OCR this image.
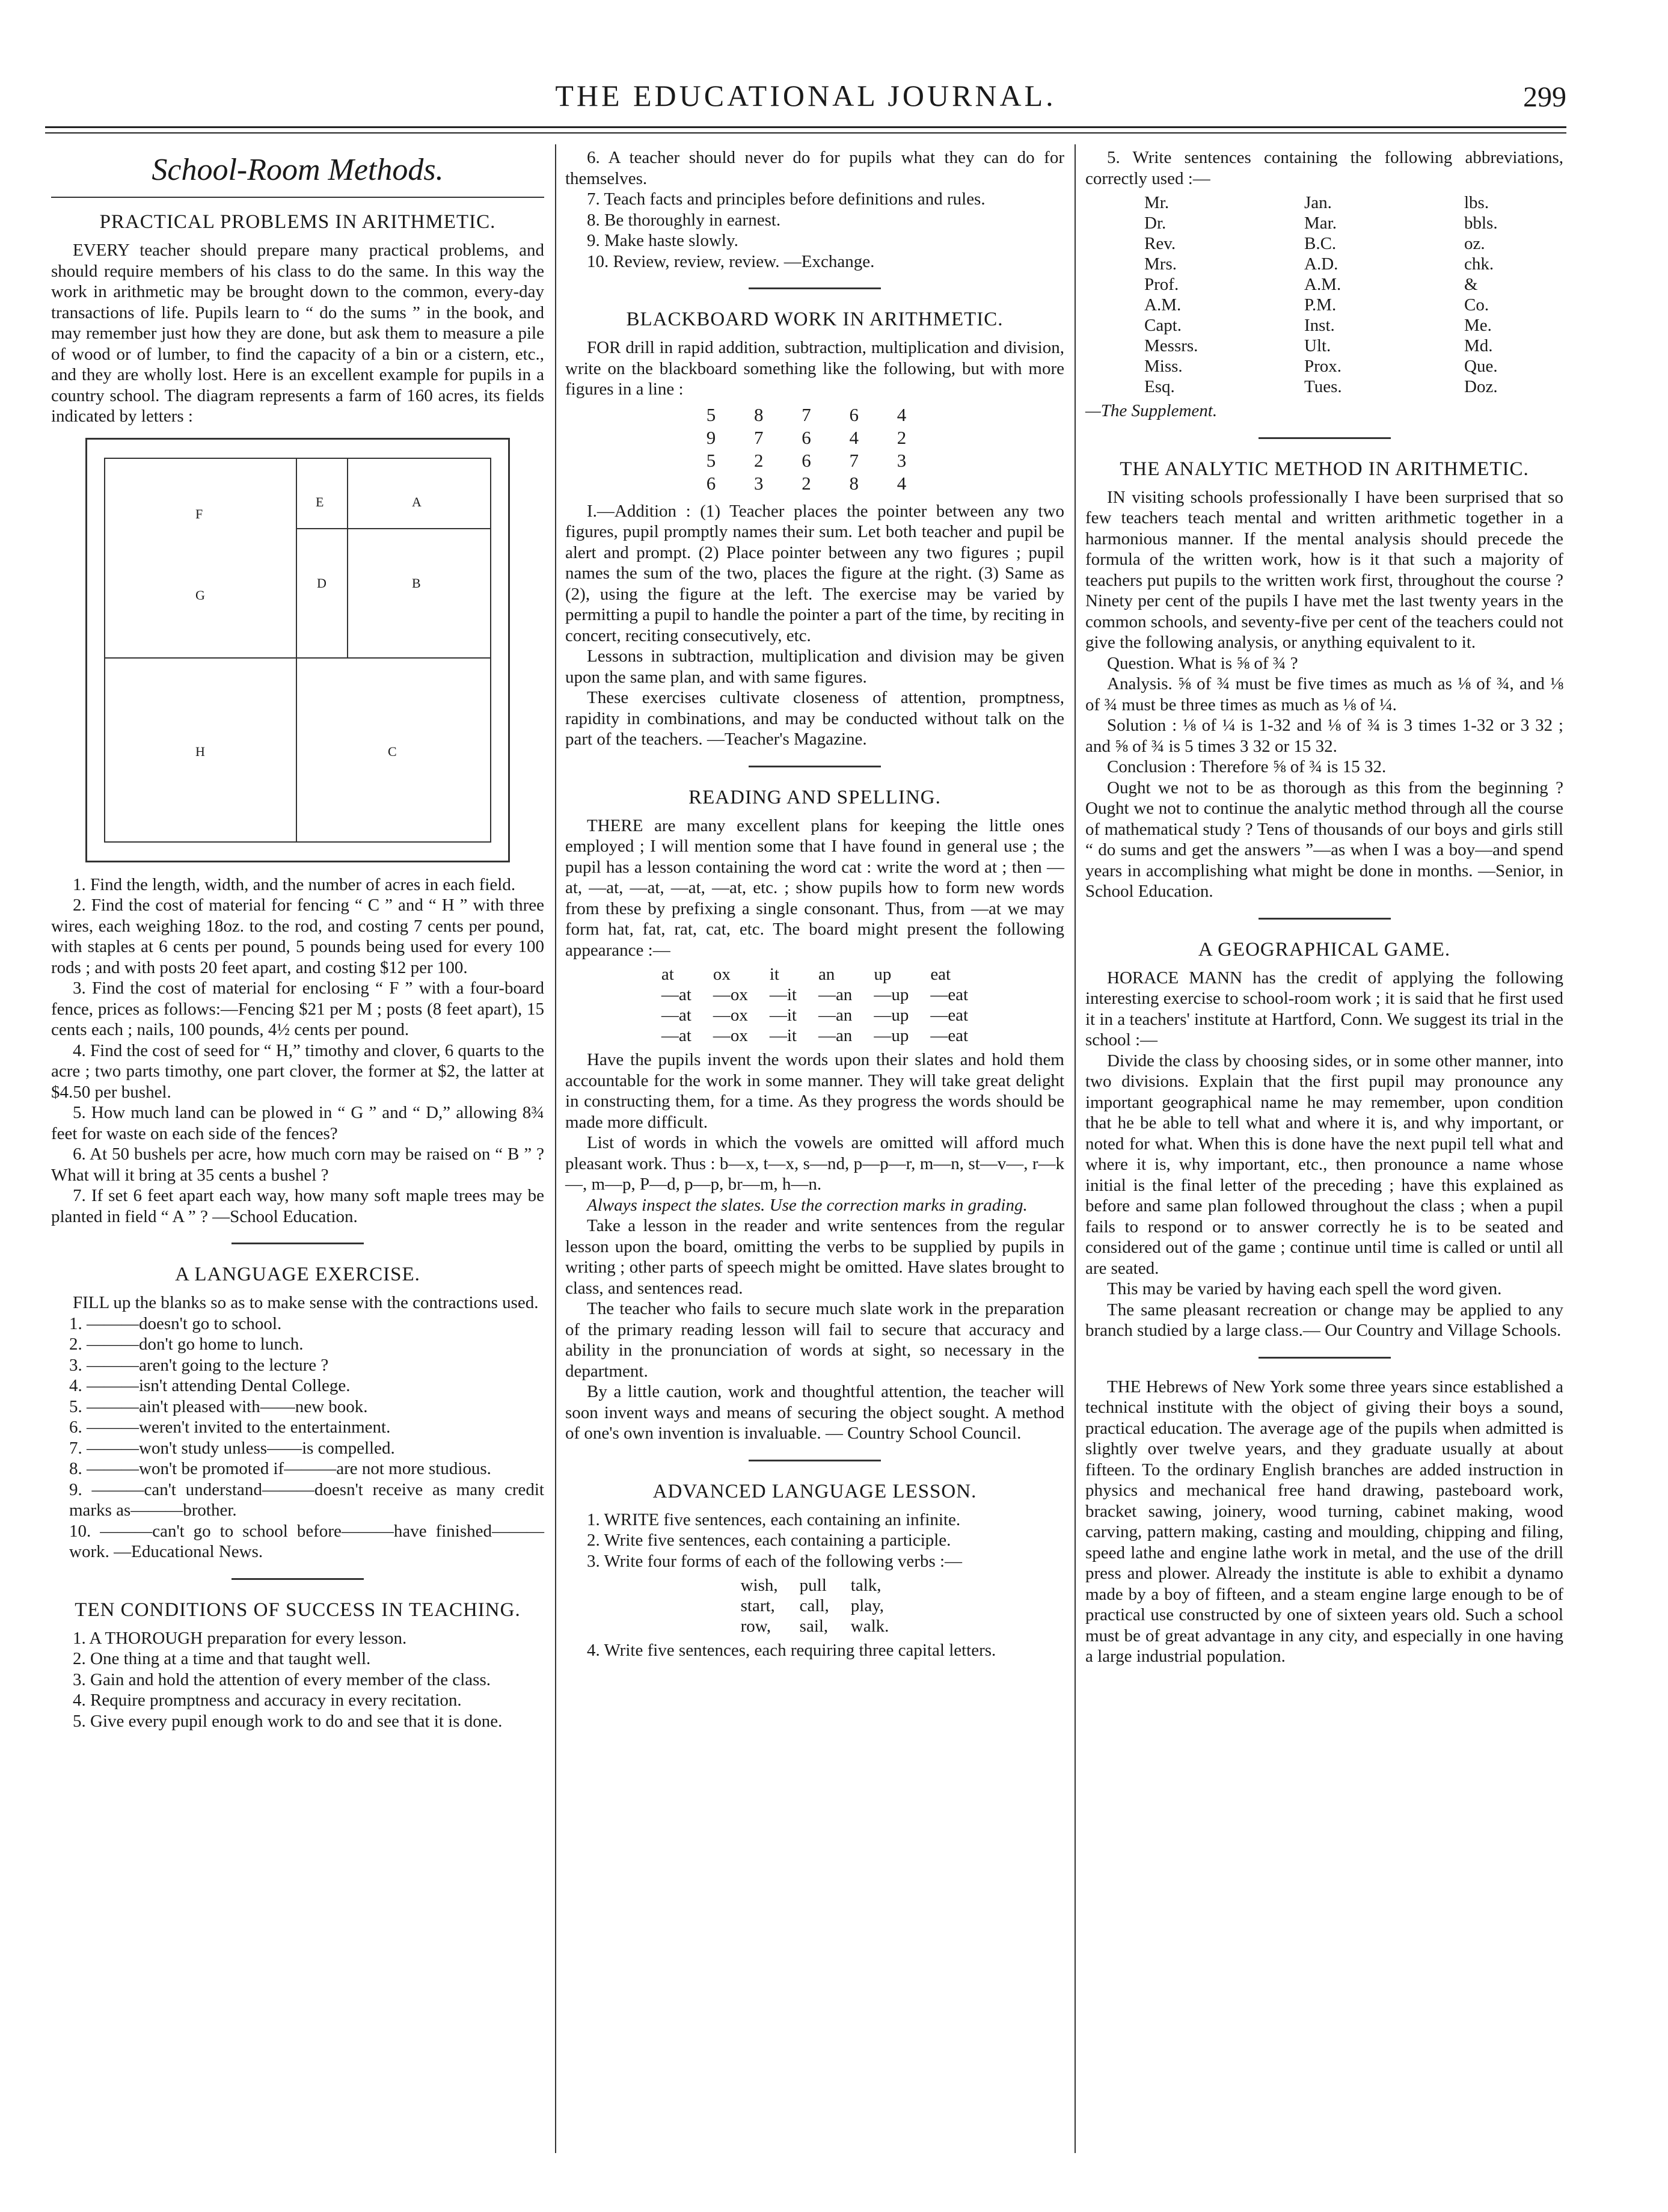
THE EDUCATIONAL JOURNAL.	299
School-Room Methods.
PRACTICAL PROBLEMS IN ARITHMETIC.

EVERY teacher should prepare many practical problems, and should require members of his class to do the same. In this way the work in arithmetic may be brought down to the common, every-day transactions of life. Pupils learn to “ do the sums ” in the book, and may remember just how they are done, but ask them to measure a pile of wood or of lumber, to find the capacity of a bin or a cistern, etc., and they are wholly lost. Here is an excellent example for pupils in a country school. The diagram represents a farm of 160 acres, its fields indicated by letters :

F
E	A
G
D	B
H	C

1. Find the length, width, and the number of acres in each field.

2. Find the cost of material for fencing “ C ” and “ H ” with three wires, each weighing 18oz. to the rod, and costing 7 cents per pound, with staples at 6 cents per pound, 5 pounds being used for every 100 rods ; and with posts 20 feet apart, and costing $12 per 100.

3. Find the cost of material for enclosing “ F ” with a four-board fence, prices as follows:—Fencing $21 per M ; posts (8 feet apart), 15 cents each ; nails, 100 pounds, 4½ cents per pound.

4. Find the cost of seed for “ H,” timothy and clover, 6 quarts to the acre ; two parts timothy, one part clover, the former at $2, the latter at $4.50 per bushel.

5. How much land can be plowed in “ G ” and “ D,” allowing 8¾ feet for waste on each side of the fences?

6. At 50 bushels per acre, how much corn may be raised on “ B ” ? What will it bring at 35 cents a bushel ?

7. If set 6 feet apart each way, how many soft maple trees may be planted in field “ A ” ? —School Education.

A LANGUAGE EXERCISE.

FILL up the blanks so as to make sense with the contractions used.

1. ———doesn't go to school.

2. ———don't go home to lunch.

3. ———aren't going to the lecture ?

4. ———isn't attending Dental College.

5. ———ain't pleased with——new book.

6. ———weren't invited to the entertainment.

7. ———won't study unless——is compelled.

8. ———won't be promoted if———are not more studious.

9. ———can't understand———doesn't receive as many credit marks as———brother.

10. ———can't go to school before———have finished———work. —Educational News.

TEN CONDITIONS OF SUCCESS IN TEACHING.

1. A THOROUGH preparation for every lesson.

2. One thing at a time and that taught well.

3. Gain and hold the attention of every member of the class.

4. Require promptness and accuracy in every recitation.

5. Give every pupil enough work to do and see that it is done.

6. A teacher should never do for pupils what they can do for themselves.

7. Teach facts and principles before definitions and rules.

8. Be thoroughly in earnest.

9. Make haste slowly.

10. Review, review, review. —Exchange.

BLACKBOARD WORK IN ARITHMETIC.

FOR drill in rapid addition, subtraction, multiplication and division, write on the blackboard something like the following, but with more figures in a line :

5 8 7 6 4
9 7 6 4 2
5 2 6 7 3
6 3 2 8 4

I.—Addition : (1) Teacher places the pointer between any two figures, pupil promptly names their sum. Let both teacher and pupil be alert and prompt. (2) Place pointer between any two figures ; pupil names the sum of the two, places the figure at the right. (3) Same as (2), using the figure at the left. The exercise may be varied by permitting a pupil to handle the pointer a part of the time, by reciting in concert, reciting consecutively, etc.

Lessons in subtraction, multiplication and division may be given upon the same plan, and with same figures.

These exercises cultivate closeness of attention, promptness, rapidity in combinations, and may be conducted without talk on the part of the teachers. —Teacher's Magazine.

READING AND SPELLING.

THERE are many excellent plans for keeping the little ones employed ; I will mention some that I have found in general use ; the pupil has a lesson containing the word cat : write the word at ; then —at, —at, —at, —at, —at, etc. ; show pupils how to form new words from these by prefixing a single consonant. Thus, from —at we may form hat, fat, rat, cat, etc. The board might present the following appearance :—

at	ox	it	an	up	eat
—at	—ox	—it	—an	—up	—eat
—at	—ox	—it	—an	—up	—eat
—at	—ox	—it	—an	—up	—eat

Have the pupils invent the words upon their slates and hold them accountable for the work in some manner. They will take great delight in constructing them, for a time. As they progress the words should be made more difficult.

List of words in which the vowels are omitted will afford much pleasant work. Thus : b—x, t—x, s—nd, p—p—r, m—n, st—v—, r—k—, m—p, P—d, p—p, br—m, h—n.

Always inspect the slates. Use the correction marks in grading.

Take a lesson in the reader and write sentences from the regular lesson upon the board, omitting the verbs to be supplied by pupils in writing ; other parts of speech might be omitted. Have slates brought to class, and sentences read.

The teacher who fails to secure much slate work in the preparation of the primary reading lesson will fail to secure that accuracy and ability in the pronunciation of words at sight, so necessary in the department.

By a little caution, work and thoughtful attention, the teacher will soon invent ways and means of securing the object sought. A method of one's own invention is invaluable. — Country School Council.

ADVANCED LANGUAGE LESSON.

1. WRITE five sentences, each containing an infinite.

2. Write five sentences, each containing a participle.

3. Write four forms of each of the following verbs :—

wish,	pull	talk,
start,	call,	play,
row,	sail,	walk.

4. Write five sentences, each requiring three capital letters.

5. Write sentences containing the following abbreviations, correctly used :—

Mr.	Jan.	lbs.
Dr.	Mar.	bbls.
Rev.	B.C.	oz.
Mrs.	A.D.	chk.
Prof.	A.M.	&
A.M.	P.M.	Co.
Capt.	Inst.	Me.
Messrs.	Ult.	Md.
Miss.	Prox.	Que.
Esq.	Tues.	Doz.

—The Supplement.

THE ANALYTIC METHOD IN ARITHMETIC.

IN visiting schools professionally I have been surprised that so few teachers teach mental and written arithmetic together in a harmonious manner. If the mental analysis should precede the formula of the written work, how is it that such a majority of teachers put pupils to the written work first, throughout the course ? Ninety per cent of the pupils I have met the last twenty years in the common schools, and seventy-five per cent of the teachers could not give the following analysis, or anything equivalent to it.

Question. What is ⅝ of ¾ ?

Analysis. ⅝ of ¾ must be five times as much as ⅛ of ¾, and ⅛ of ¾ must be three times as much as ⅛ of ¼.

Solution : ⅛ of ¼ is 1-32 and ⅛ of ¾ is 3 times 1-32 or 3 32 ; and ⅝ of ¾ is 5 times 3 32 or 15 32.

Conclusion : Therefore ⅝ of ¾ is 15 32.

Ought we not to be as thorough as this from the beginning ? Ought we not to continue the analytic method through all the course of mathematical study ? Tens of thousands of our boys and girls still “ do sums and get the answers ”—as when I was a boy—and spend years in accomplishing what might be done in months. —Senior, in School Education.

A GEOGRAPHICAL GAME.

HORACE MANN has the credit of applying the following interesting exercise to school-room work ; it is said that he first used it in a teachers' institute at Hartford, Conn. We suggest its trial in the school :—

Divide the class by choosing sides, or in some other manner, into two divisions. Explain that the first pupil may pronounce any important geographical name he may remember, upon condition that he be able to tell what and where it is, and why important, or noted for what. When this is done have the next pupil tell what and where it is, why important, etc., then pronounce a name whose initial is the final letter of the preceding ; have this explained as before and same plan followed throughout the class ; when a pupil fails to respond or to answer correctly he is to be seated and considered out of the game ; continue until time is called or until all are seated.

This may be varied by having each spell the word given.

The same pleasant recreation or change may be applied to any branch studied by a large class.— Our Country and Village Schools.

THE Hebrews of New York some three years since established a technical institute with the object of giving their boys a sound, practical education. The average age of the pupils when admitted is slightly over twelve years, and they graduate usually at about fifteen. To the ordinary English branches are added instruction in physics and mechanical free hand drawing, pasteboard work, bracket sawing, joinery, wood turning, cabinet making, wood carving, pattern making, casting and moulding, chipping and filing, speed lathe and engine lathe work in metal, and the use of the drill press and plower. Already the institute is able to exhibit a dynamo made by a boy of fifteen, and a steam engine large enough to be of practical use constructed by one of sixteen years old. Such a school must be of great advantage in any city, and especially in one having a large industrial population.
